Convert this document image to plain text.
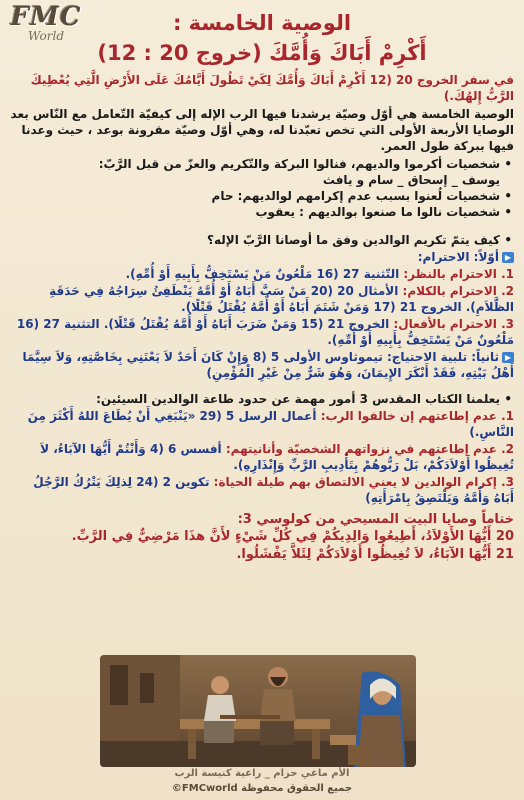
FMC
World
الوصية الخامسة :
أَكْرِمْ أَبَاكَ وَأُمَّكَ (خروج 20 : 12)

في سفر الخروج 20 (12 أَكْرِمْ أَبَاكَ وَأُمَّكَ لِكَيْ تَطُولَ أَيَّامُكَ عَلَى الأَرْضِ الَّتِي يُعْطِيكَ الرَّبُّ إِلهُكَ.)

الوصية الخامسة هي أوّل وصيّة يرشدنا فيها الرب الإله إلى كيفيّة التّعامل مع النّاس بعد الوصايا الأربعة الأولى التي تخص تعبّدنا له، وهي أوّل وصيّة مقرونة بوعد ، حيث وعدنا فيها ببركة طول العمر.

• شخصيات أكرموا والديهم، فنالوا البركة والتّكريم والعزّ من قبل الرَّبّ:

يوسف _ إسحاق _ سام و يافث

• شخصيات لُعنوا بسبب عدم إكرامهم لوالديهم: حام
• شخصيات نالوا ما صنعوا بوالديهم : يعقوب
• كيف يتمّ تكريم الوالدين وفق ما أوصانا الرَّبّ الإله؟

▶أوّلاً: الاحترام:

1. الاحترام بالنظر: التّثنية 27 (16 مَلْعُونٌ مَنْ يَسْتَخِفُّ بِأَبِيهِ أَوْ أُمِّهِ).

2. الاحترام بالكلام: الأمثال 20 (20 مَنْ سَبَّ أَبَاهُ أَوْ أُمَّهُ يَنْطَفِئُ سِرَاجُهُ فِي حَدَقَةِ الظَّلاَمِ). الخروج 21 (17 وَمَنْ شَتَمَ أَبَاهُ أَوْ أُمَّهُ يُقْتَلُ قَتْلًا).

3. الاحترام بالأفعال: الخروج 21 (15 وَمَنْ ضَرَبَ أَبَاهُ أَوْ أُمَّهُ يُقْتَلُ قَتْلًا). التثنية 27 (16 مَلْعُونٌ مَنْ يَسْتَخِفُّ بِأَبِيهِ أَوْ أُمِّهِ).

▶ثانياً: تلبية الاحتياج: تيموثاوس الأولى 5 (8 وَإِنْ كَانَ أَحَدٌ لاَ يَعْتَنِي بِخَاصَّتِهِ، وَلاَ سِيَّمَا أَهْلُ بَيْتِهِ، فَقَدْ أَنْكَرَ الإِيمَانَ، وَهُوَ شَرٌّ مِنْ غَيْرِ الْمُؤْمِنِ)

• يعلمنا الكتاب المقدس 3 أمور مهمة عن حدود طاعة الوالدين السيئين:

1. عدم إطاعتهم إن خالفوا الرب: أعمال الرسل 5 (29 «يَنْبَغِي أَنْ يُطَاعَ اللهُ أَكْثَرَ مِنَ النَّاسِ.)

2. عدم إطاعتهم في نزواتهم الشخصيّة وأنانيتهم: أفسس 6 (4 وَأَنْتُمْ أَيُّهَا الآبَاءُ، لاَ تُغِيظُوا أَوْلاَدَكُمْ، بَلْ رَبُّوهُمْ بِتَأْدِيبِ الرَّبِّ وَإِنْذَارِهِ).

3. إكرام الوالدين لا يعني الالتصاق بهم طيلة الحياة: تكوين 2 (24 لِذلِكَ يَتْرُكُ الرَّجُلُ أَبَاهُ وَأُمَّهُ وَيَلْتَصِقُ بِامْرَأَتِهِ)

ختاماً وصايا البيت المسيحي من كولوسي 3:

20 أَيُّهَا الأَوْلاَدُ، أَطِيعُوا وَالِدِيكُمْ فِي كُلِّ شَيْءٍ لأَنَّ هذَا مَرْضِيٌّ فِي الرَّبِّ.

21 أَيُّهَا الآبَاءُ، لاَ تُغِيظُوا أَوْلاَدَكُمْ لِئَلاَّ يَفْشَلُوا.

الأم ماغي حزام _ راعية كنيسة الرب
جميع الحقوق محفوظة FMCworld©
